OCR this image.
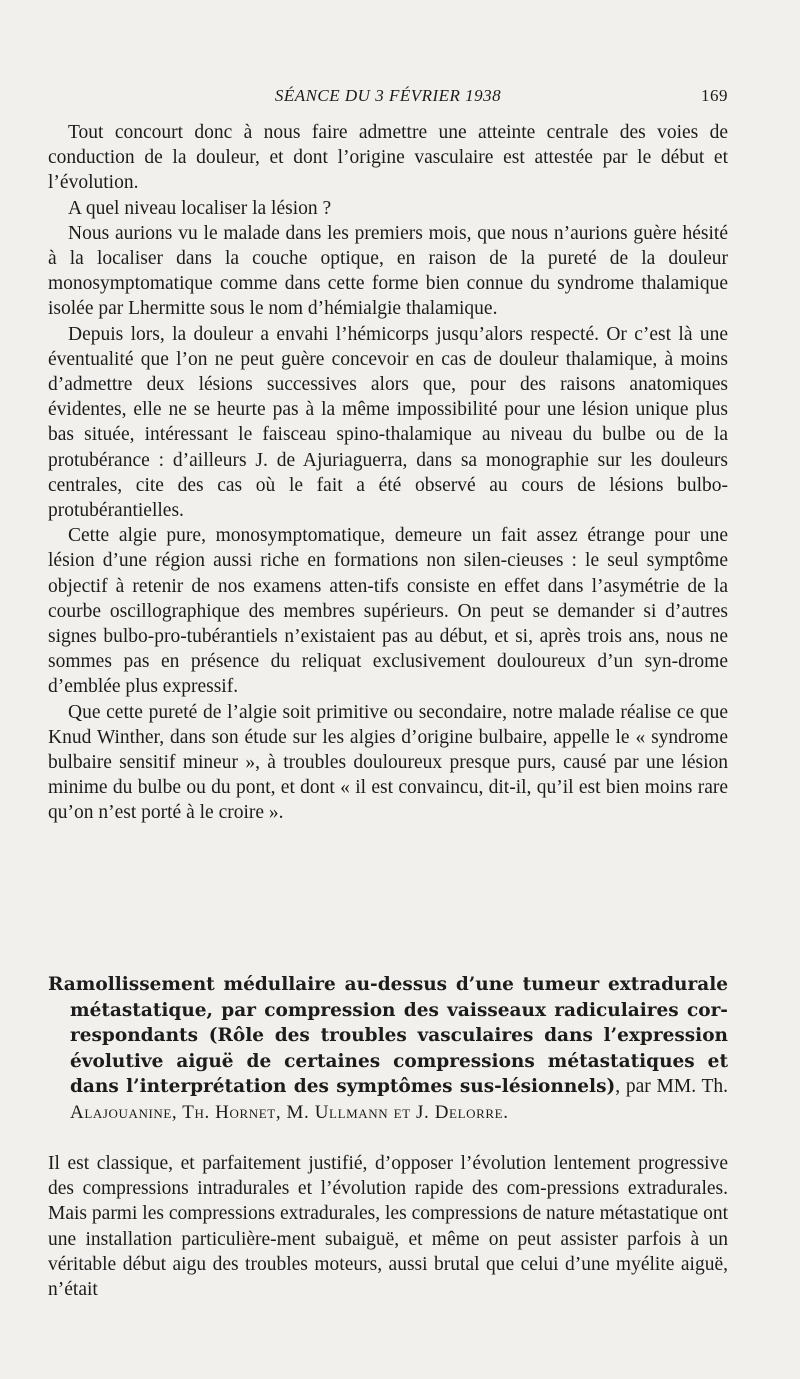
SÉANCE DU 3 FÉVRIER 1938	169

Tout concourt donc à nous faire admettre une atteinte centrale des voies de conduction de la douleur, et dont l’origine vasculaire est attestée par le début et l’évolution.

A quel niveau localiser la lésion ?

Nous aurions vu le malade dans les premiers mois, que nous n’aurions guère hésité à la localiser dans la couche optique, en raison de la pureté de la douleur monosymptomatique comme dans cette forme bien connue du syndrome thalamique isolée par Lhermitte sous le nom d’hémialgie thalamique.

Depuis lors, la douleur a envahi l’hémicorps jusqu’alors respecté. Or c’est là une éventualité que l’on ne peut guère concevoir en cas de douleur thalamique, à moins d’admettre deux lésions successives alors que, pour des raisons anatomiques évidentes, elle ne se heurte pas à la même impossibilité pour une lésion unique plus bas située, intéressant le faisceau spino-thalamique au niveau du bulbe ou de la protubérance : d’ailleurs J. de Ajuriaguerra, dans sa monographie sur les douleurs centrales, cite des cas où le fait a été observé au cours de lésions bulbo-protubérantielles.

Cette algie pure, monosymptomatique, demeure un fait assez étrange pour une lésion d’une région aussi riche en formations non silen-cieuses : le seul symptôme objectif à retenir de nos examens atten-tifs consiste en effet dans l’asymétrie de la courbe oscillographique des membres supérieurs. On peut se demander si d’autres signes bulbo-pro-tubérantiels n’existaient pas au début, et si, après trois ans, nous ne sommes pas en présence du reliquat exclusivement douloureux d’un syn-drome d’emblée plus expressif.

Que cette pureté de l’algie soit primitive ou secondaire, notre malade réalise ce que Knud Winther, dans son étude sur les algies d’origine bulbaire, appelle le « syndrome bulbaire sensitif mineur », à troubles douloureux presque purs, causé par une lésion minime du bulbe ou du pont, et dont « il est convaincu, dit-il, qu’il est bien moins rare qu’on n’est porté à le croire ».

Ramollissement médullaire au-dessus d’une tumeur extradurale métastatique, par compression des vaisseaux radiculaires cor-respondants (Rôle des troubles vasculaires dans l’expression évolutive aiguë de certaines compressions métastatiques et dans l’interprétation des symptômes sus-lésionnels), par MM. Th. Alajouanine, Th. Hornet, M. Ullmann et J. Delorre.

Il est classique, et parfaitement justifié, d’opposer l’évolution lentement progressive des compressions intradurales et l’évolution rapide des com-pressions extradurales. Mais parmi les compressions extradurales, les compressions de nature métastatique ont une installation particulière-ment subaiguë, et même on peut assister parfois à un véritable début aigu des troubles moteurs, aussi brutal que celui d’une myélite aiguë, n’était
